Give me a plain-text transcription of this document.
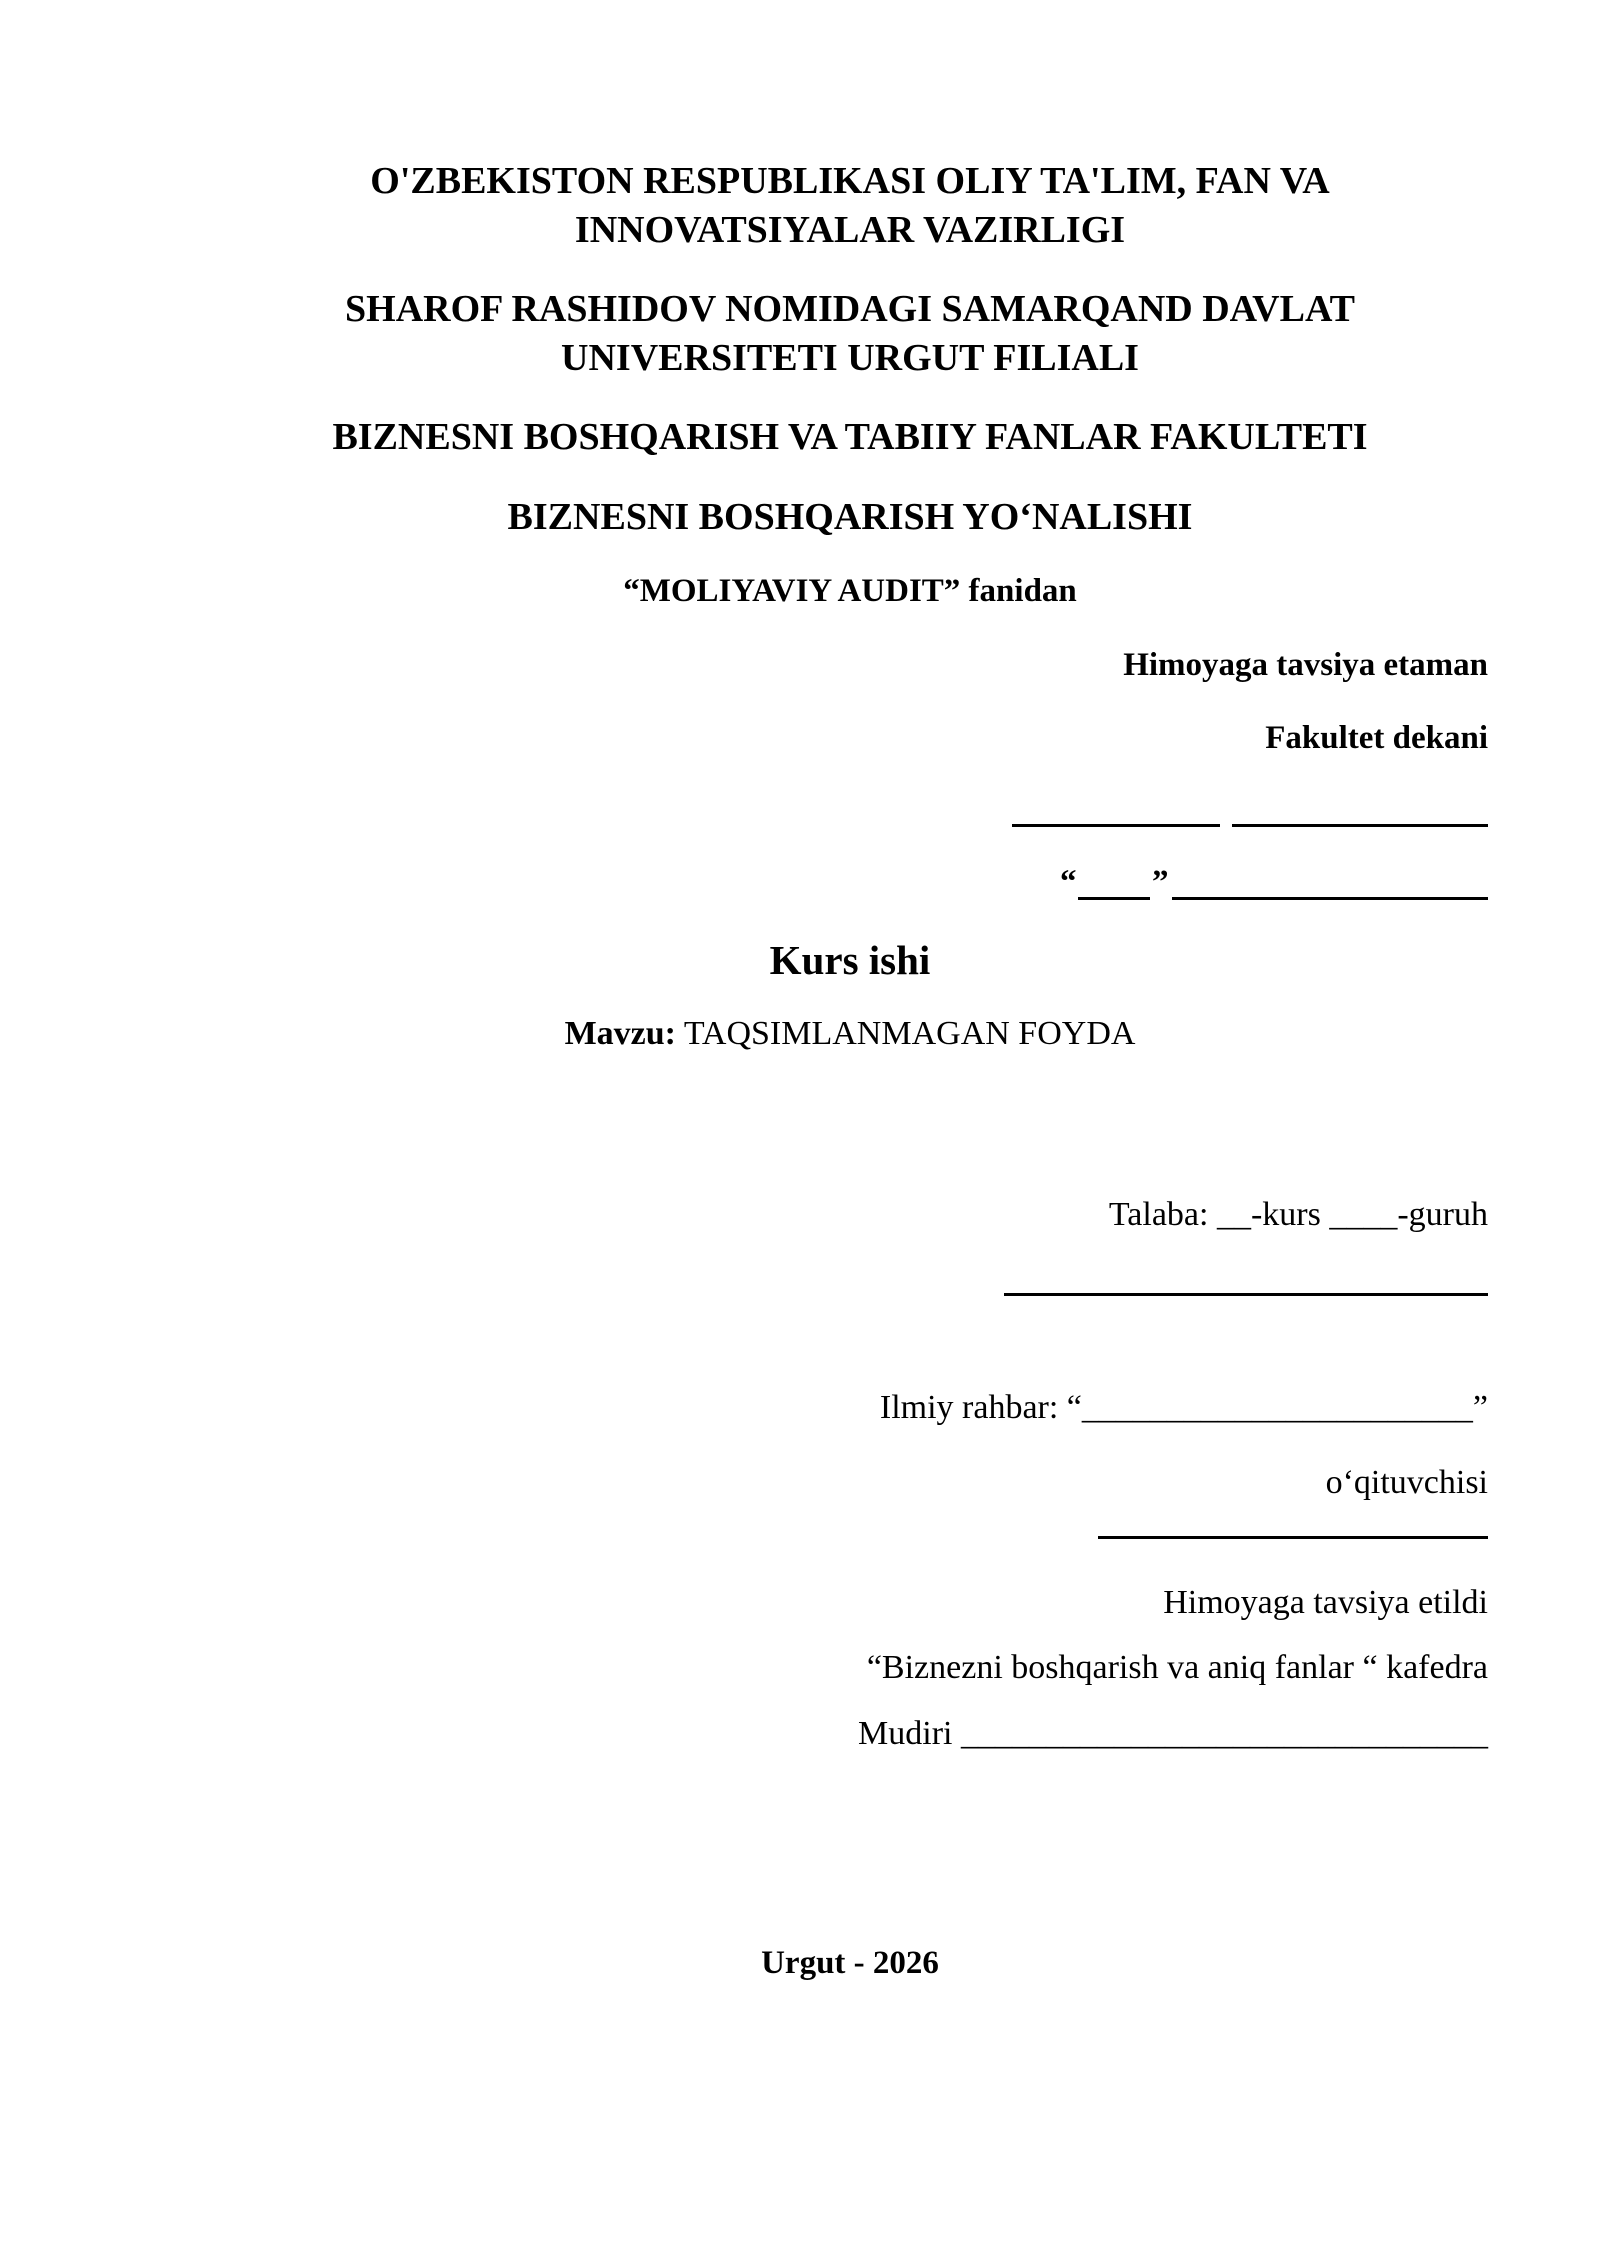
O'ZBEKISTON RESPUBLIKASI OLIY TA'LIM, FAN VA
INNOVATSIYALAR VAZIRLIGI
SHAROF RASHIDOV NOMIDAGI SAMARQAND DAVLAT
UNIVERSITETI URGUT FILIALI
BIZNESNI BOSHQARISH VA TABIIY FANLAR FAKULTETI
BIZNESNI BOSHQARISH YO‘NALISHI
“MOLIYAVIY AUDIT” fanidan
Himoyaga tavsiya etaman
Fakultet dekani
“ ”
Kurs ishi
Mavzu: TAQSIMLANMAGAN FOYDA
Talaba: __-kurs ____-guruh
Ilmiy rahbar: “_______________________”
o‘qituvchisi
Himoyaga tavsiya etildi
“Biznezni boshqarish va aniq fanlar “ kafedra
Mudiri _______________________________
Urgut - 2026
